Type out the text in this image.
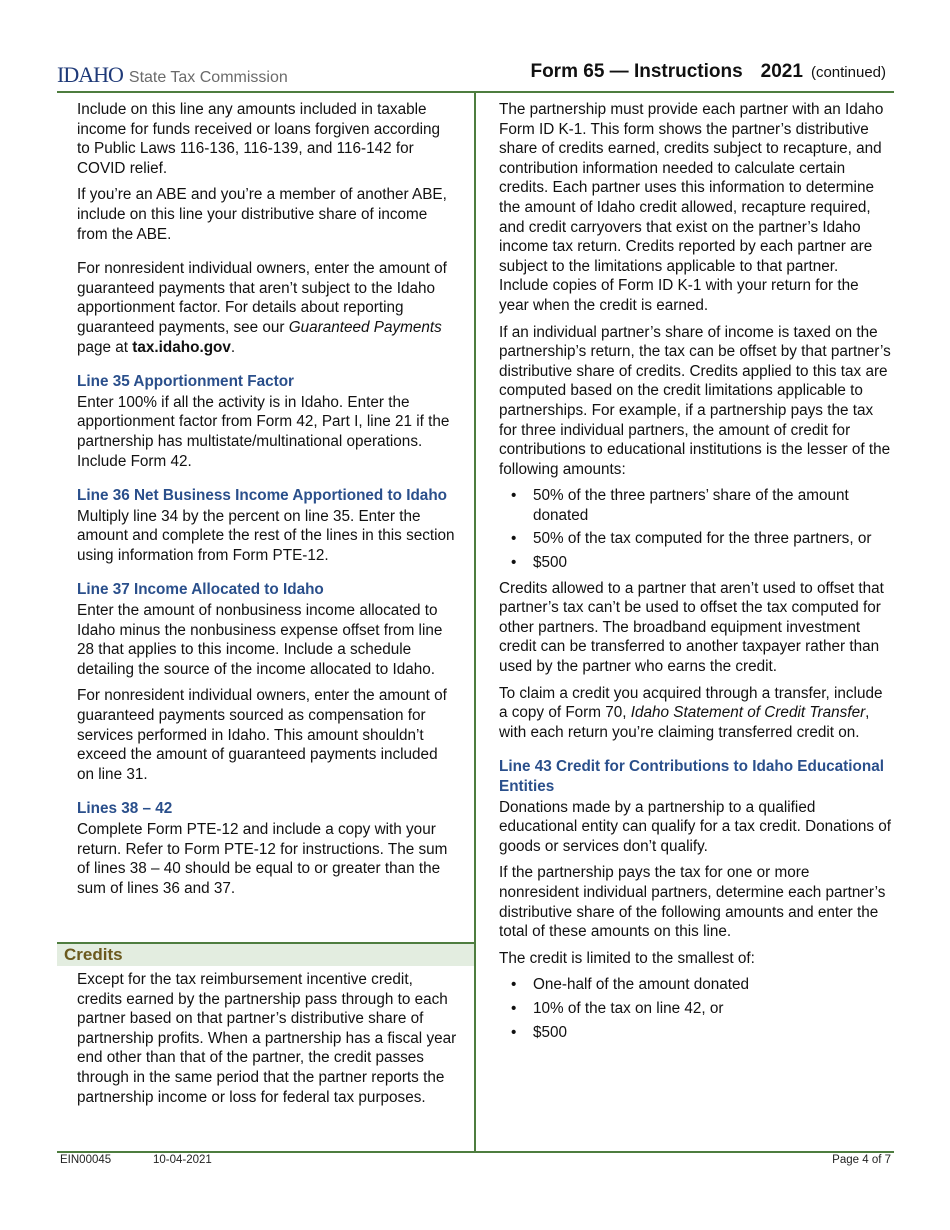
IDAHO State Tax Commission	Form 65 — Instructions 2021 (continued)

Include on this line any amounts included in taxable income for funds received or loans forgiven according to Public Laws 116-136, 116-139, and 116-142 for COVID relief.

If you’re an ABE and you’re a member of another ABE, include on this line your distributive share of income from the ABE.

For nonresident individual owners, enter the amount of guaranteed payments that aren’t subject to the Idaho apportionment factor. For details about reporting guaranteed payments, see our Guaranteed Payments page at tax.idaho.gov.

Line 35 Apportionment Factor

Enter 100% if all the activity is in Idaho. Enter the apportionment factor from Form 42, Part I, line 21 if the partnership has multistate/multinational operations. Include Form 42.

Line 36 Net Business Income Apportioned to Idaho

Multiply line 34 by the percent on line 35. Enter the amount and complete the rest of the lines in this section using information from Form PTE-12.

Line 37 Income Allocated to Idaho

Enter the amount of nonbusiness income allocated to Idaho minus the nonbusiness expense offset from line 28 that applies to this income. Include a schedule detailing the source of the income allocated to Idaho.

For nonresident individual owners, enter the amount of guaranteed payments sourced as compensation for services performed in Idaho. This amount shouldn’t exceed the amount of guaranteed payments included on line 31.

Lines 38 – 42

Complete Form PTE-12 and include a copy with your return. Refer to Form PTE-12 for instructions. The sum of lines 38 – 40 should be equal to or greater than the sum of lines 36 and 37.

Credits

Except for the tax reimbursement incentive credit, credits earned by the partnership pass through to each partner based on that partner’s distributive share of partnership profits. When a partnership has a fiscal year end other than that of the partner, the credit passes through in the same period that the partner reports the partnership income or loss for federal tax purposes.

The partnership must provide each partner with an Idaho Form ID K-1. This form shows the partner’s distributive share of credits earned, credits subject to recapture, and contribution information needed to calculate certain credits. Each partner uses this information to determine the amount of Idaho credit allowed, recapture required, and credit carryovers that exist on the partner’s Idaho income tax return. Credits reported by each partner are subject to the limitations applicable to that partner. Include copies of Form ID K-1 with your return for the year when the credit is earned.

If an individual partner’s share of income is taxed on the partnership’s return, the tax can be offset by that partner’s distributive share of credits. Credits applied to this tax are computed based on the credit limitations applicable to partnerships. For example, if a partnership pays the tax for three individual partners, the amount of credit for contributions to educational institutions is the lesser of the following amounts:

• 50% of the three partners’ share of the amount donated
• 50% of the tax computed for the three partners, or
• $500

Credits allowed to a partner that aren’t used to offset that partner’s tax can’t be used to offset the tax computed for other partners. The broadband equipment investment credit can be transferred to another taxpayer rather than used by the partner who earns the credit.

To claim a credit you acquired through a transfer, include a copy of Form 70, Idaho Statement of Credit Transfer, with each return you’re claiming transferred credit on.

Line 43 Credit for Contributions to Idaho Educational Entities

Donations made by a partnership to a qualified educational entity can qualify for a tax credit. Donations of goods or services don’t qualify.

If the partnership pays the tax for one or more nonresident individual partners, determine each partner’s distributive share of the following amounts and enter the total of these amounts on this line.

The credit is limited to the smallest of:

• One-half of the amount donated
• 10% of the tax on line 42, or
• $500
EIN00045	10-04-2021	Page 4 of 7
